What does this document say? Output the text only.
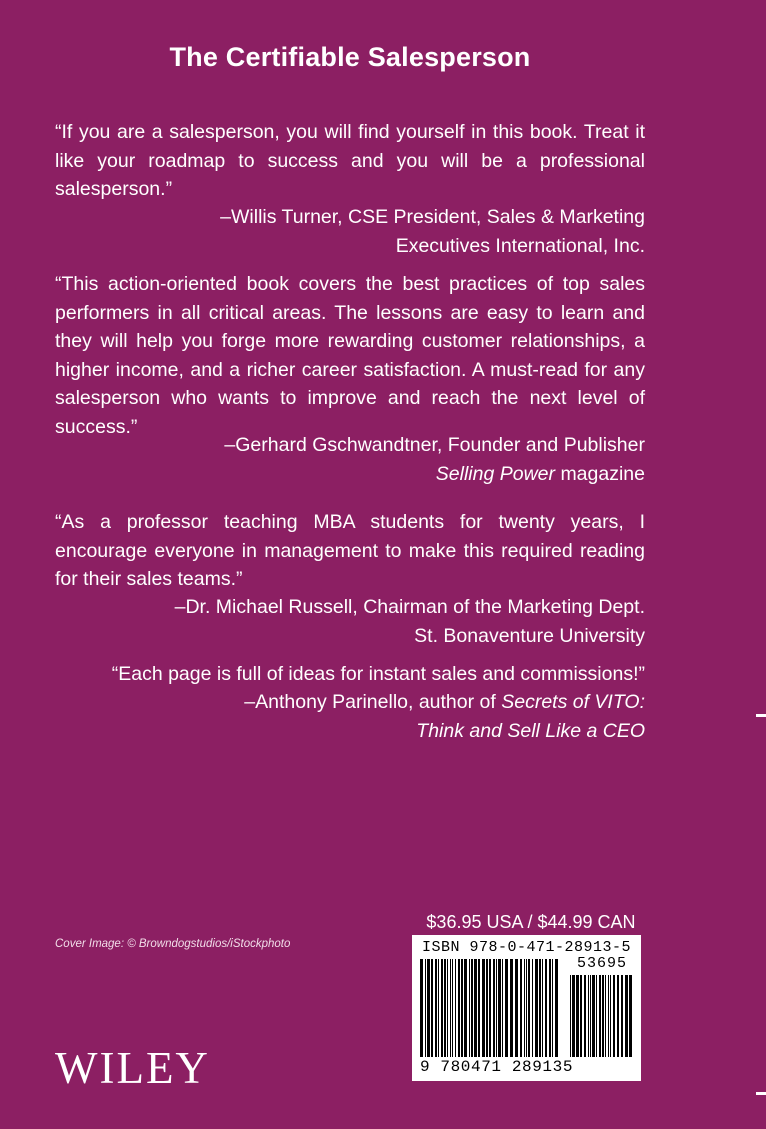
The Certifiable Salesperson
“If you are a salesperson, you will find yourself in this book. Treat it like your roadmap to success and you will be a professional salesperson.”
–Willis Turner, CSE President, Sales & Marketing
Executives International, Inc.
“This action-oriented book covers the best practices of top sales performers in all critical areas. The lessons are easy to learn and they will help you forge more rewarding customer relationships, a higher income, and a richer career satisfaction. A must-read for any salesperson who wants to improve and reach the next level of success.”
–Gerhard Gschwandtner, Founder and Publisher
Selling Power magazine
“As a professor teaching MBA students for twenty years, I encourage everyone in management to make this required reading for their sales teams.”
–Dr. Michael Russell, Chairman of the Marketing Dept.
St. Bonaventure University
“Each page is full of ideas for instant sales and commissions!”
–Anthony Parinello, author of Secrets of VITO:
Think and Sell Like a CEO
Cover Image: © Browndogstudios/iStockphoto
WILEY
$36.95 USA / $44.99 CAN
ISBN 978-0-471-28913-5
53695
9 780471 289135
